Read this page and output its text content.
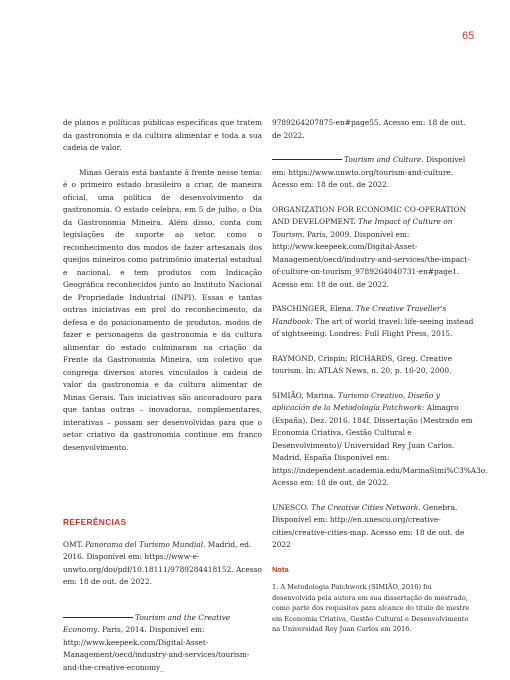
65

de planos e políticas públicas específicas que tratem da gastronomia e da cultura alimentar e toda a sua cadeia de valor.

Minas Gerais está bastante à frente nesse tema: é o primeiro estado brasileiro a criar, de maneira oficial, uma política de desenvolvimento da gastronomia. O estado celebra, em 5 de julho, o Dia da Gastronomia Mineira. Além disso, conta com legislações de suporte ao setor, como o reconhecimento dos modos de fazer artesanais dos queijos mineiros como patrimônio imaterial estadual e nacional, e tem produtos com Indicação Geográfica reconhecidos junto ao Instituto Nacional de Propriedade Industrial (INPI). Essas e tantas outras iniciativas em prol do reconhecimento, da defesa e do posicionamento de produtos, modos de fazer e personagens da gastronomia e da cultura alimentar do estado culminaram na criação da Frente da Gastronomia Mineira, um coletivo que congrega diversos atores vinculados à cadeia de valor da gastronomia e da cultura alimentar de Minas Gerais. Tais iniciativas são ancoradouro para que tantas outras – inovadoras, complementares, interativas – possam ser desenvolvidas para que o setor criativo da gastronomia continue em franco desenvolvimento.

REFERÊNCIAS

OMT. Panorama del Turismo Mundial. Madrid, ed. 2016. Disponível em: https://www-e-unwto.org/doi/pdf/10.18111/9789284418152. Acesso em: 18 de out. de 2022.

Tourism and the Creative Economy. Paris, 2014. Disponível em: http://www.keepeek.com/Digital-Asset-Management/oecd/industry-and-services/tourism-and-the-creative-economy_

9789264207875-en#page55. Acesso em: 18 de out. de 2022.

Tourism and Culture. Disponível em: https://www.unwto.org/tourism-and-culture. Acesso em: 18 de out. de 2022.

ORGANIZATION FOR ECONOMIC CO-OPERATION AND DEVELOPMENT. The Impact of Culture on Tourism. Paris, 2009. Disponível em: http://www.keepeek.com/Digital-Asset-Management/oecd/industry-and-services/the-impact-of-culture-on-tourism_9789264040731-en#page1. Acesso em: 18 de out. de 2022.

PASCHINGER, Elena. The Creative Traveller's Handbook: The art of world travel: life-seeing instead of sightseeing. Londres: Full Flight Press, 2015.

RAYMOND, Crispin; RICHARDS, Greg. Creative tourism. In: ATLAS News, n. 20, p. 16-20, 2000.

SIMIÃO, Marina. Turismo Creativo, Diseño y aplicación de la Metodología Patchwork: Almagro (España). Dez. 2016. 184f. Dissertação (Mestrado em Economia Criativa, Gestão Cultural e Desenvolvimento)/ Universidad Rey Juan Carlos. Madrid, España Disponível em: https://independent.academia.edu/MarinaSimi%C3%A3o. Acesso em: 18 de out. de 2022.

UNESCO. The Creative Cities Network. Genebra. Disponível em: http://en.unesco.org/creative-cities/creative-cities-map. Acesso em: 18 de out. de 2022

Nota

1. A Metodologia Patchwork (SIMIÃO, 2016) foi desenvolvida pela autora em sua dissertação de mestrado, como parte dos requisitos para alcance do título de mestre em Economia Criativa, Gestão Cultural e Desenvolvimento na Universidad Rey Juan Carlos em 2016.
